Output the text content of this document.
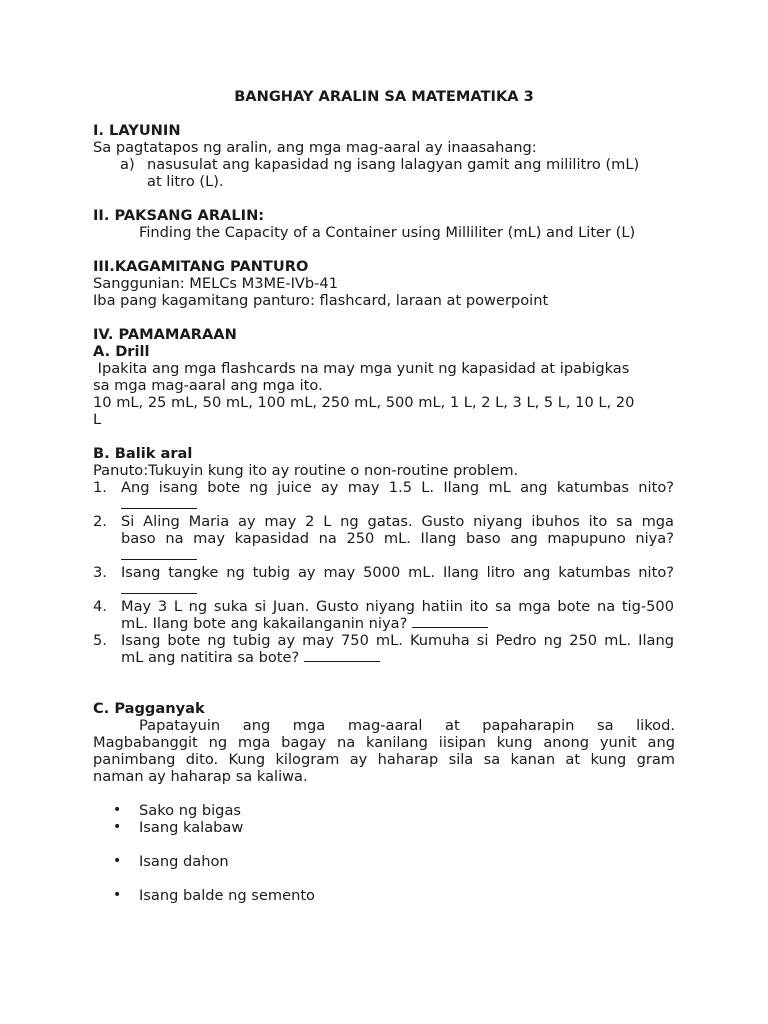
BANGHAY ARALIN SA MATEMATIKA 3
I. LAYUNIN
Sa pagtatapos ng aralin, ang mga mag-aaral ay inaasahang:
a) nasusulat ang kapasidad ng isang lalagyan gamit ang mililitro (mL)
at litro (L).
II. PAKSANG ARALIN:
Finding the Capacity of a Container using Milliliter (mL) and Liter (L)
III.KAGAMITANG PANTURO
Sanggunian: MELCs M3ME-IVb-41
Iba pang kagamitang panturo: flashcard, laraan at powerpoint
IV. PAMAMARAAN
A. Drill
Ipakita ang mga flashcards na may mga yunit ng kapasidad at ipabigkas
sa mga mag-aaral ang mga ito.
10 mL, 25 mL, 50 mL, 100 mL, 250 mL, 500 mL, 1 L, 2 L, 3 L, 5 L, 10 L, 20
L
B. Balik aral
Panuto:Tukuyin kung ito ay routine o non-routine problem.
1. Ang isang bote ng juice ay may 1.5 L. Ilang mL ang katumbas nito?
2. Si Aling Maria ay may 2 L ng gatas. Gusto niyang ibuhos ito sa mga
baso na may kapasidad na 250 mL. Ilang baso ang mapupuno niya?
3. Isang tangke ng tubig ay may 5000 mL. Ilang litro ang katumbas nito?
4. May 3 L ng suka si Juan. Gusto niyang hatiin ito sa mga bote na tig-500
mL. Ilang bote ang kakailanganin niya?
5. Isang bote ng tubig ay may 750 mL. Kumuha si Pedro ng 250 mL. Ilang
mL ang natitira sa bote?
C. Pagganyak
Papatayuin ang mga mag-aaral at papaharapin sa likod.
Magbabanggit ng mga bagay na kanilang iisipan kung anong yunit ang
panimbang dito. Kung kilogram ay haharap sila sa kanan at kung gram
naman ay haharap sa kaliwa.
• Sako ng bigas
• Isang kalabaw
• Isang dahon
• Isang balde ng semento
